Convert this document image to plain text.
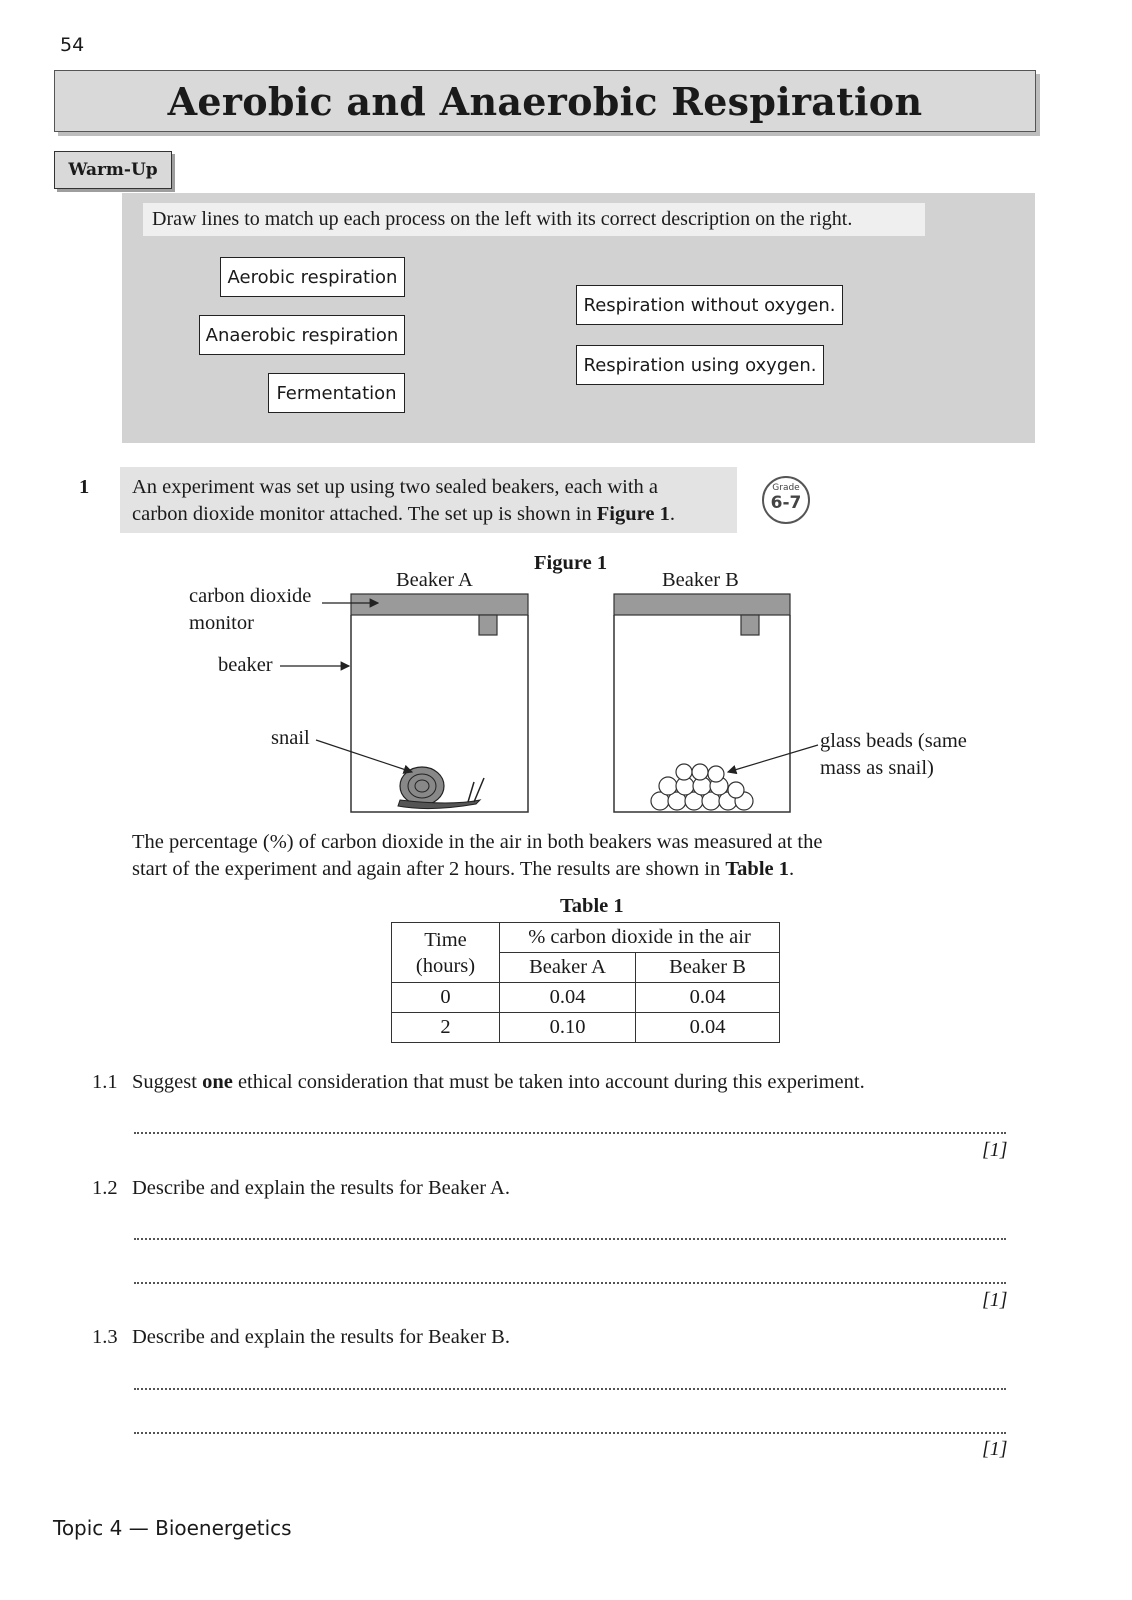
54
Aerobic and Anaerobic Respiration
Warm-Up
Draw lines to match up each process on the left with its correct description on the right.
Aerobic respiration
Anaerobic respiration
Fermentation
Respiration without oxygen.
Respiration using oxygen.
1 An experiment was set up using two sealed beakers, each with a
carbon dioxide monitor attached. The set up is shown in Figure 1.
Grade
6-7
Figure 1
Beaker A	Beaker B
carbon dioxide
monitor
beaker
snail	glass beads (same
mass as snail)
The percentage (%) of carbon dioxide in the air in both beakers was measured at the
start of the experiment and again after 2 hours. The results are shown in Table 1.
Table 1
Time
(hours)	% carbon dioxide in the air	
	Beaker A	Beaker B
0	0.04	0.04
2	0.10	0.04
1.1 Suggest one ethical consideration that must be taken into account during this experiment.
[1]
1.2 Describe and explain the results for Beaker A.
[1]
1.3 Describe and explain the results for Beaker B.
[1]
Topic 4 — Bioenergetics
